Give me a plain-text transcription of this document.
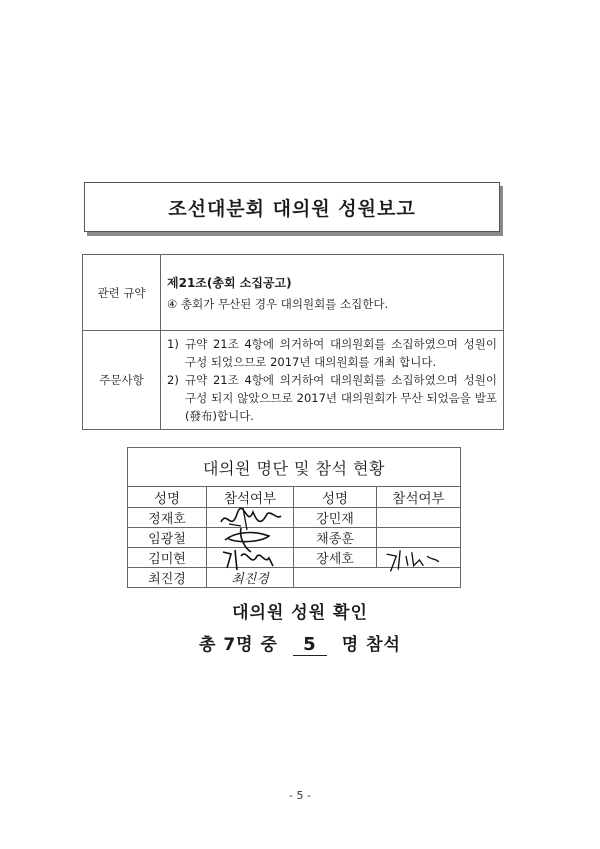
조선대분회 대의원 성원보고
관련 규약	제21조(총회 소집공고)
④ 총회가 무산된 경우 대의원회를 소집한다.

주문사항	1) 규약 21조 4항에 의거하여 대의원회를 소집하였으며 성원이 구성 되었으므로 2017년 대의원회를 개최 합니다.
2) 규약 21조 4항에 의거하여 대의원회를 소집하였으며 성원이 구성 되지 않았으므로 2017년 대의원회가 무산 되었음을 발포(發布)합니다.
대의원 명단 및 참석 현황
성명	참석여부	성명	참석여부
정재호		강민재	
임광철		채종훈	
김미현		장세호	

최진경	최진경		
대의원 성원 확인
총 7명 중 5 명 참석
- 5 -
